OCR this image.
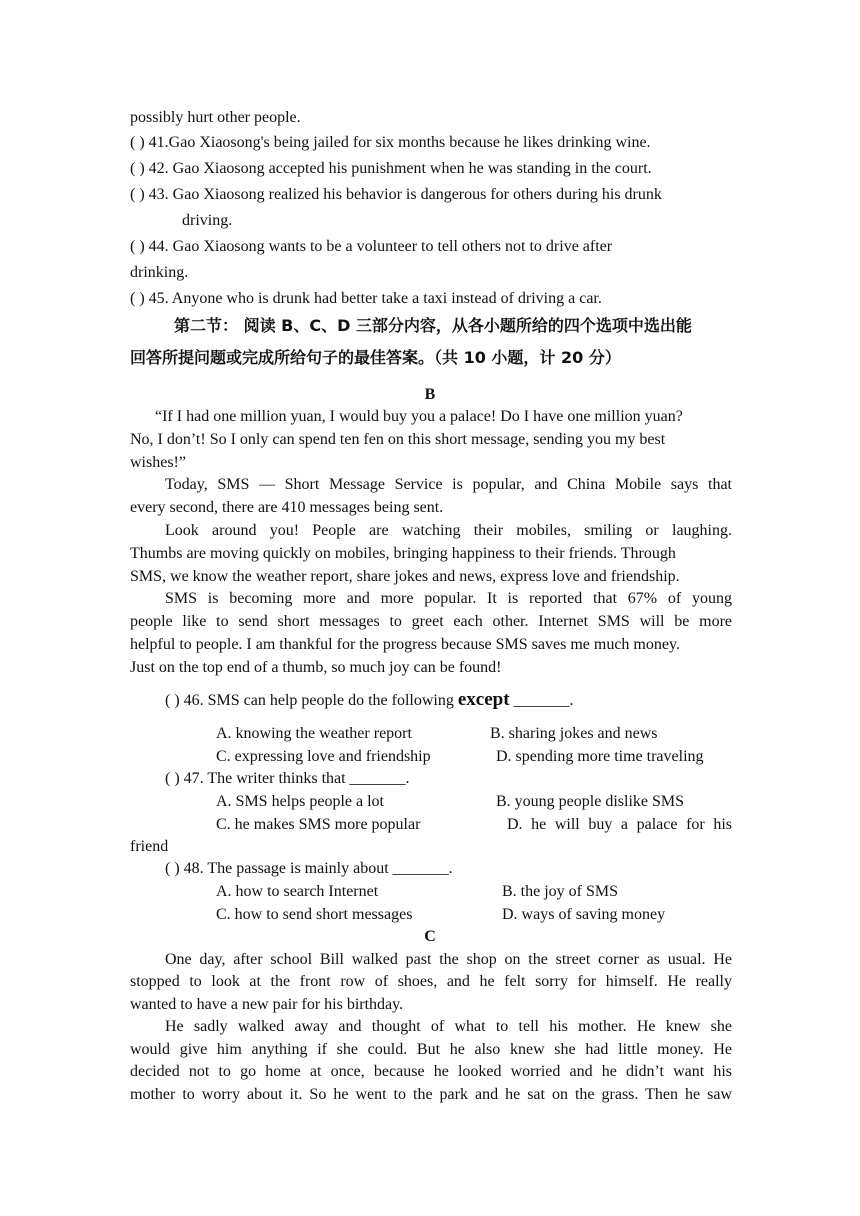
possibly hurt other people.
( ) 41.Gao Xiaosong's being jailed for six months because he likes drinking wine.
( ) 42. Gao Xiaosong accepted his punishment when he was standing in the court.
( ) 43. Gao Xiaosong realized his behavior is dangerous for others during his drunk
driving.
( ) 44. Gao Xiaosong wants to be a volunteer to tell others not to drive after
drinking.
( ) 45. Anyone who is drunk had better take a taxi instead of driving a car.
第二节： 阅读 B、C、D 三部分内容，从各小题所给的四个选项中选出能
回答所提问题或完成所给句子的最佳答案。（共 10 小题，计 20 分）
B
“If I had one million yuan, I would buy you a palace! Do I have one million yuan?
No, I don’t! So I only can spend ten fen on this short message, sending you my best
wishes!”
Today, SMS — Short Message Service is popular, and China Mobile says that
every second, there are 410 messages being sent.
Look around you! People are watching their mobiles, smiling or laughing.
Thumbs are moving quickly on mobiles, bringing happiness to their friends. Through
SMS, we know the weather report, share jokes and news, express love and friendship.
SMS is becoming more and more popular. It is reported that 67% of young
people like to send short messages to greet each other. Internet SMS will be more
helpful to people. I am thankful for the progress because SMS saves me much money.
Just on the top end of a thumb, so much joy can be found!
( ) 46. SMS can help people do the following except _______.
A. knowing the weather report	B. sharing jokes and news
C. expressing love and friendship	D. spending more time traveling
( ) 47. The writer thinks that _______.
A. SMS helps people a lot	B. young people dislike SMS
C. he makes SMS more popular	D. he will buy a palace for his
friend
( ) 48. The passage is mainly about _______.
A. how to search Internet	B. the joy of SMS
C. how to send short messages	D. ways of saving money
C
One day, after school Bill walked past the shop on the street corner as usual. He
stopped to look at the front row of shoes, and he felt sorry for himself. He really
wanted to have a new pair for his birthday.
He sadly walked away and thought of what to tell his mother. He knew she
would give him anything if she could. But he also knew she had little money. He
decided not to go home at once, because he looked worried and he didn’t want his
mother to worry about it. So he went to the park and he sat on the grass. Then he saw
